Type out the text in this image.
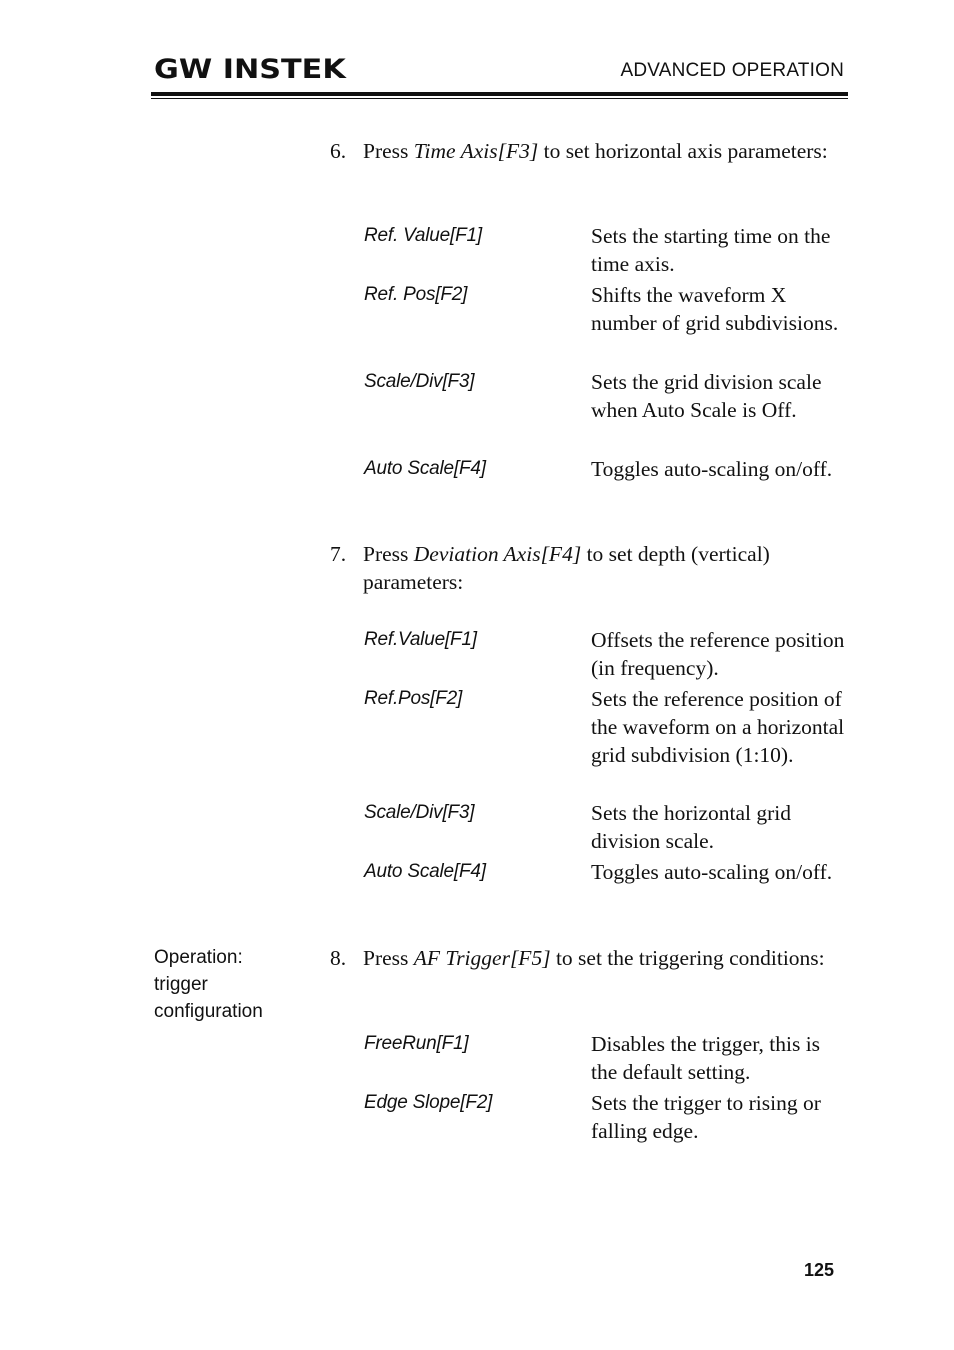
GW INSTEK	ADVANCED OPERATION
6. Press Time Axis[F3] to set horizontal axis parameters:
Ref. Value[F1]	Sets the starting time on the time axis.
Ref. Pos[F2]	Shifts the waveform X number of grid subdivisions.
Scale/Div[F3]	Sets the grid division scale when Auto Scale is Off.
Auto Scale[F4]	Toggles auto-scaling on/off.
7. Press Deviation Axis[F4] to set depth (vertical) parameters:
Ref.Value[F1]	Offsets the reference position (in frequency).
Ref.Pos[F2]	Sets the reference position of the waveform on a horizontal grid subdivision (1:10).
Scale/Div[F3]	Sets the horizontal grid division scale.
Auto Scale[F4]	Toggles auto-scaling on/off.
Operation:
trigger
configuration
8. Press AF Trigger[F5] to set the triggering conditions:
FreeRun[F1]	Disables the trigger, this is the default setting.
Edge Slope[F2]	Sets the trigger to rising or falling edge.
125
